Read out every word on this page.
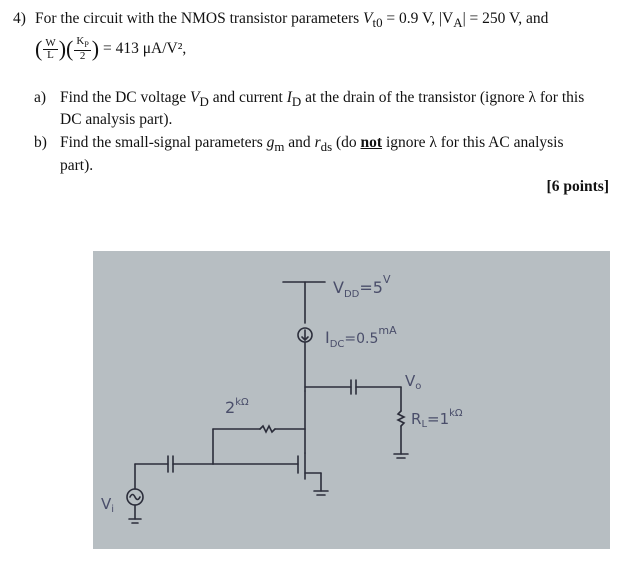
4) For the circuit with the NMOS transistor parameters $V_{t0} = 0.9$ V, $|V_A| = 250$ V, and
( $\frac{W}{L}$ )( $\frac{K_P}{2}$ ) = 413 μA/V²,
a) Find the DC voltage $V_D$ and current $I_D$ at the drain of the transistor (ignore λ for this
DC analysis part).
b) Find the small-signal parameters $g_m$ and $r_{ds}$ (do not ignore λ for this AC analysis
part).
[6 points]
$V_{DD}=5^V$
$I_{DC}=0.5^{mA}$
$2^{k\Omega}$
$V_o$
$R_L=1^{k\Omega}$
$V_i$
